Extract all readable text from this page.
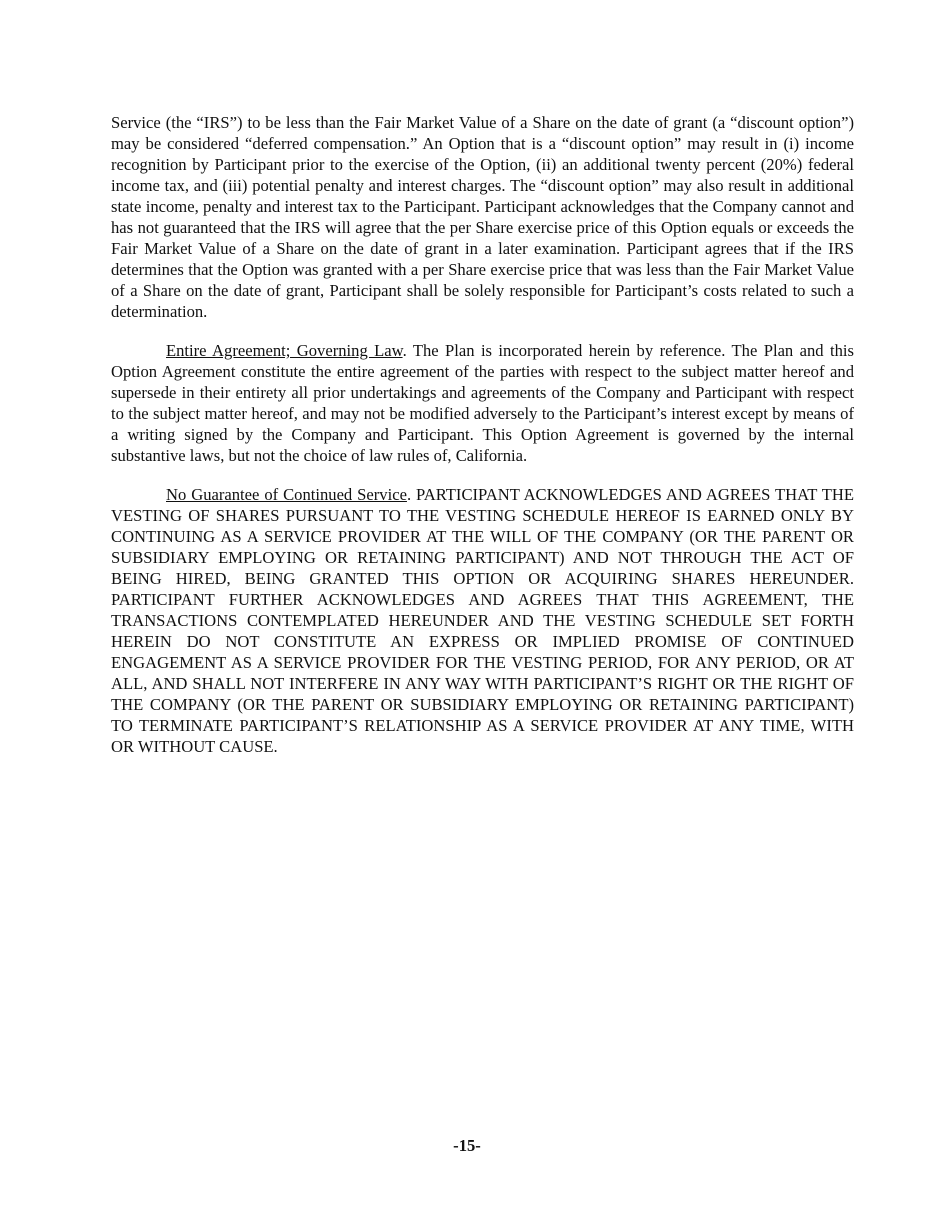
Service (the “IRS”) to be less than the Fair Market Value of a Share on the date of grant (a “discount option”) may be considered “deferred compensation.” An Option that is a “discount option” may result in (i) income recognition by Participant prior to the exercise of the Option, (ii) an additional twenty percent (20%) federal income tax, and (iii) potential penalty and interest charges. The “discount option” may also result in additional state income, penalty and interest tax to the Participant. Participant acknowledges that the Company cannot and has not guaranteed that the IRS will agree that the per Share exercise price of this Option equals or exceeds the Fair Market Value of a Share on the date of grant in a later examination. Participant agrees that if the IRS determines that the Option was granted with a per Share exercise price that was less than the Fair Market Value of a Share on the date of grant, Participant shall be solely responsible for Participant’s costs related to such a determination.

Entire Agreement; Governing Law. The Plan is incorporated herein by reference. The Plan and this Option Agreement constitute the entire agreement of the parties with respect to the subject matter hereof and supersede in their entirety all prior undertakings and agreements of the Company and Participant with respect to the subject matter hereof, and may not be modified adversely to the Participant’s interest except by means of a writing signed by the Company and Participant. This Option Agreement is governed by the internal substantive laws, but not the choice of law rules of, California.

No Guarantee of Continued Service. PARTICIPANT ACKNOWLEDGES AND AGREES THAT THE VESTING OF SHARES PURSUANT TO THE VESTING SCHEDULE HEREOF IS EARNED ONLY BY CONTINUING AS A SERVICE PROVIDER AT THE WILL OF THE COMPANY (OR THE PARENT OR SUBSIDIARY EMPLOYING OR RETAINING PARTICIPANT) AND NOT THROUGH THE ACT OF BEING HIRED, BEING GRANTED THIS OPTION OR ACQUIRING SHARES HEREUNDER. PARTICIPANT FURTHER ACKNOWLEDGES AND AGREES THAT THIS AGREEMENT, THE TRANSACTIONS CONTEMPLATED HEREUNDER AND THE VESTING SCHEDULE SET FORTH HEREIN DO NOT CONSTITUTE AN EXPRESS OR IMPLIED PROMISE OF CONTINUED ENGAGEMENT AS A SERVICE PROVIDER FOR THE VESTING PERIOD, FOR ANY PERIOD, OR AT ALL, AND SHALL NOT INTERFERE IN ANY WAY WITH PARTICIPANT’S RIGHT OR THE RIGHT OF THE COMPANY (OR THE PARENT OR SUBSIDIARY EMPLOYING OR RETAINING PARTICIPANT) TO TERMINATE PARTICIPANT’S RELATIONSHIP AS A SERVICE PROVIDER AT ANY TIME, WITH OR WITHOUT CAUSE.

-15-
